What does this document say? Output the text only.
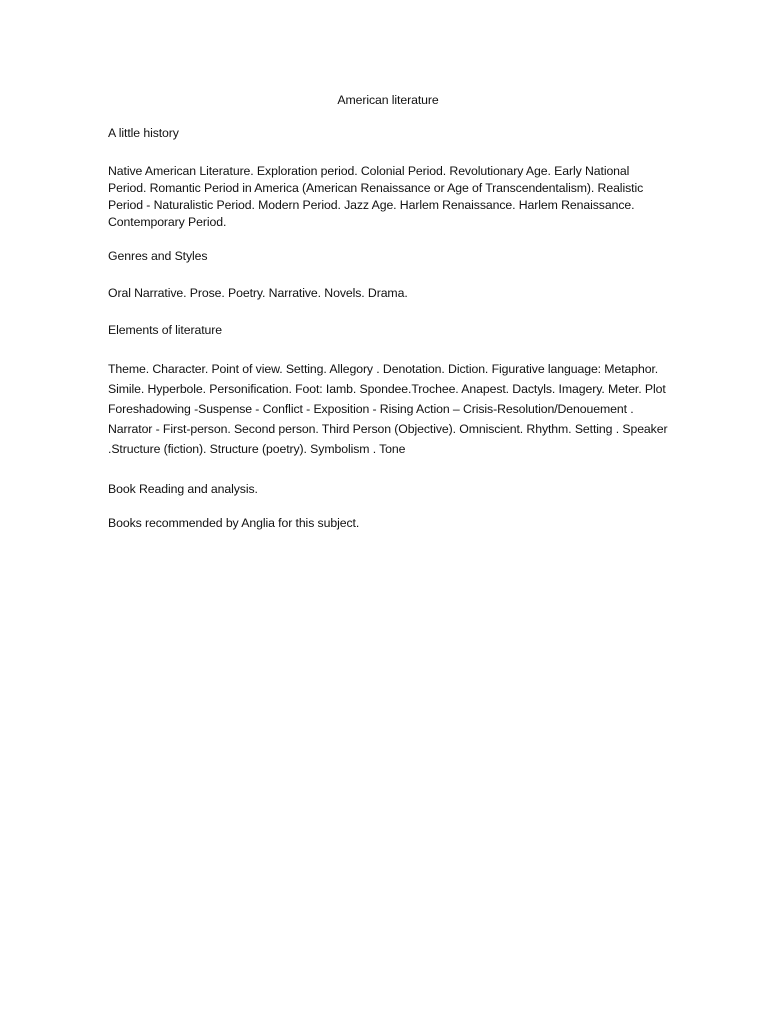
American literature
A little history
Native American Literature. Exploration period. Colonial Period. Revolutionary Age. Early National Period. Romantic Period in America (American Renaissance or Age of Transcendentalism). Realistic Period - Naturalistic Period. Modern Period. Jazz Age. Harlem Renaissance. Harlem Renaissance. Contemporary Period.
Genres and Styles
Oral Narrative. Prose. Poetry. Narrative. Novels. Drama.
Elements of literature
Theme. Character. Point of view. Setting. Allegory . Denotation. Diction. Figurative language: Metaphor. Simile. Hyperbole. Personification. Foot: Iamb. Spondee.Trochee. Anapest. Dactyls. Imagery. Meter. Plot Foreshadowing -Suspense - Conflict - Exposition - Rising Action – Crisis-Resolution/Denouement . Narrator - First-person. Second person. Third Person (Objective). Omniscient. Rhythm. Setting . Speaker .Structure (fiction). Structure (poetry). Symbolism . Tone
Book Reading and analysis.
Books recommended by Anglia for this subject.
